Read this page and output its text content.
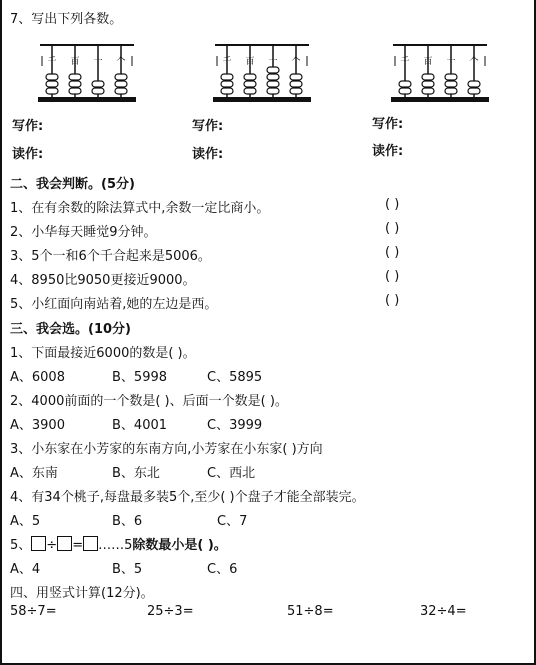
7、写出下列各数。
千 百 十 个	千 百 十 个	千 百 十 个
写作:	写作:	写作:
读作:	读作:	读作:
二、我会判断。(5分)
1、在有余数的除法算式中,余数一定比商小。	( )
2、小华每天睡觉9分钟。	( )
3、5个一和6个千合起来是5006。	( )
4、8950比9050更接近9000。	( )
5、小红面向南站着,她的左边是西。	( )
三、我会选。(10分)
1、下面最接近6000的数是( )。
A、6008	B、5998	C、5895
2、4000前面的一个数是( )、后面一个数是( )。
A、3900	B、4001	C、3999
3、小东家在小芳家的东南方向,小芳家在小东家( )方向
A、东南	B、东北	C、西北
4、有34个桃子,每盘最多装5个,至少( )个盘子才能全部装完。
A、5	B、6	C、7
5、 ÷ = ……5除数最小是( )。
A、4	B、5	C、6
四、用竖式计算(12分)。
58÷7=	25÷3=	51÷8=	32÷4=
